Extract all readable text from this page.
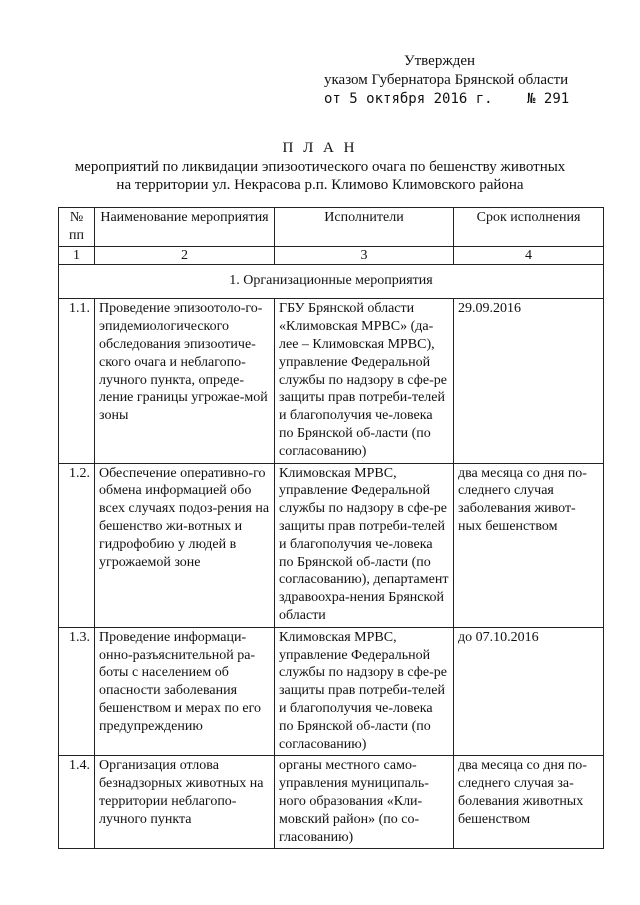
Утвержден
указом Губернатора Брянской области
от 5 октября 2016 г. № 291
П Л А Н
мероприятий по ликвидации эпизоотического очага по бешенству животных
на территории ул. Некрасова р.п. Климово Климовского района
№ пп	Наименование мероприятия	Исполнители	Срок исполнения
1	2	3	4
1. Организационные мероприятия			
1.1.	Проведение эпизоотоло-го-эпидемиологического обследования эпизоотиче-ского очага и неблагопо-лучного пункта, опреде-ление границы угрожае-мой зоны	ГБУ Брянской области «Климовская МРВС» (да-лее – Климовская МРВС), управление Федеральной службы по надзору в сфе-ре защиты прав потреби-телей и благополучия че-ловека по Брянской об-ласти (по согласованию)	29.09.2016
1.2.	Обеспечение оперативно-го обмена информацией обо всех случаях подоз-рения на бешенство жи-вотных и гидрофобию у людей в угрожаемой зоне	Климовская МРВС, управление Федеральной службы по надзору в сфе-ре защиты прав потреби-телей и благополучия че-ловека по Брянской об-ласти (по согласованию), департамент здравоохра-нения Брянской области	два месяца со дня по-следнего случая заболевания живот-ных бешенством
1.3.	Проведение информаци-онно-разъяснительной ра-боты с населением об опасности заболевания бешенством и мерах по его предупреждению	Климовская МРВС, управление Федеральной службы по надзору в сфе-ре защиты прав потреби-телей и благополучия че-ловека по Брянской об-ласти (по согласованию)	до 07.10.2016
1.4.	Организация отлова безнадзорных животных на территории неблагопо-лучного пункта	органы местного само-управления муниципаль-ного образования «Кли-мовский район» (по со-гласованию)	два месяца со дня по-следнего случая за-болевания животных бешенством
